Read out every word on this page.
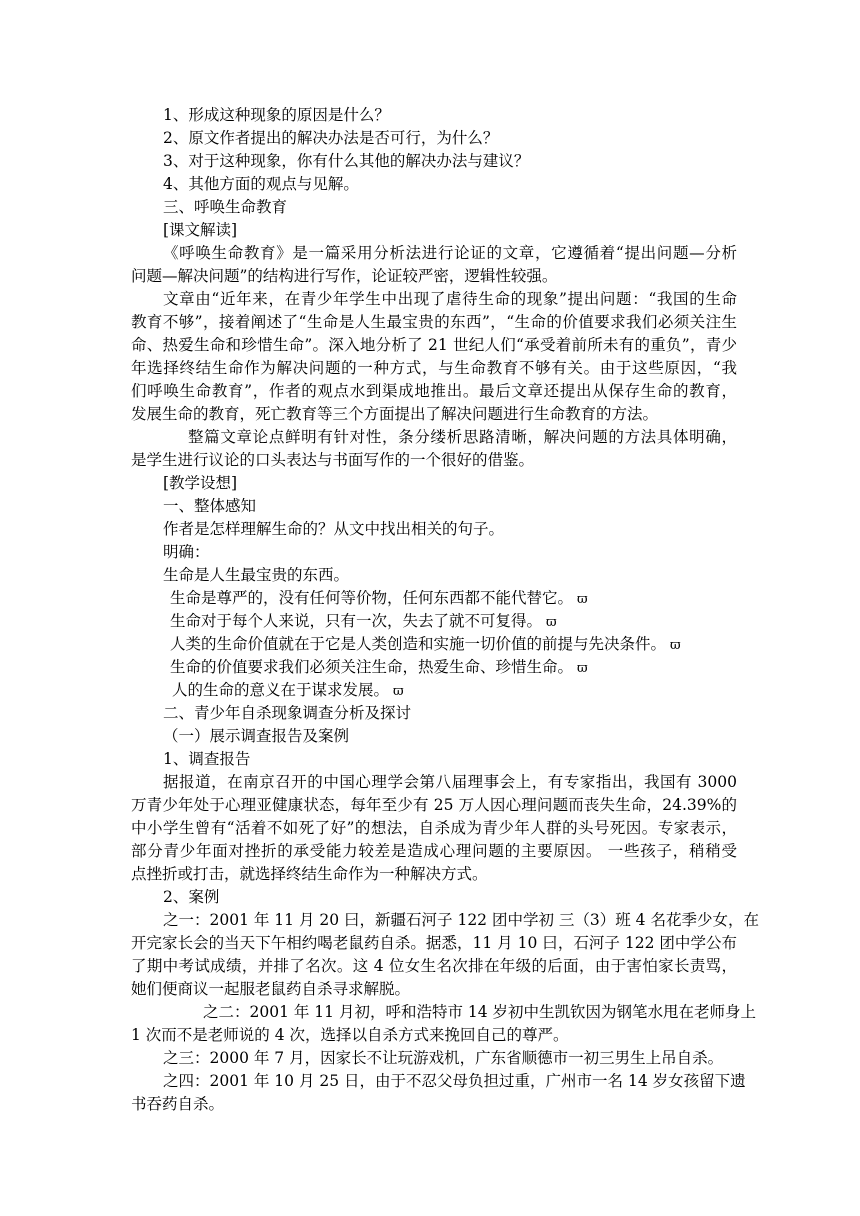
1、形成这种现象的原因是什么？
2、原文作者提出的解决办法是否可行，为什么？
3、对于这种现象，你有什么其他的解决办法与建议？
4、其他方面的观点与见解。
三、呼唤生命教育
[课文解读]
《呼唤生命教育》是一篇采用分析法进行论证的文章，它遵循着“提出问题—分析
问题—解决问题”的结构进行写作，论证较严密，逻辑性较强。
文章由“近年来，在青少年学生中出现了虐待生命的现象”提出问题：“我国的生命
教育不够”，接着阐述了“生命是人生最宝贵的东西”，“生命的价值要求我们必须关注生
命、热爱生命和珍惜生命”。深入地分析了 21 世纪人们“承受着前所未有的重负”，青少
年选择终结生命作为解决问题的一种方式，与生命教育不够有关。由于这些原因，“我
们呼唤生命教育”，作者的观点水到渠成地推出。最后文章还提出从保存生命的教育，
发展生命的教育，死亡教育等三个方面提出了解决问题进行生命教育的方法。
整篇文章论点鲜明有针对性，条分缕析思路清晰，解决问题的方法具体明确，
是学生进行议论的口头表达与书面写作的一个很好的借鉴。
[教学设想]
一、整体感知
作者是怎样理解生命的？从文中找出相关的句子。
明确：
生命是人生最宝贵的东西。
生命是尊严的，没有任何等价物，任何东西都不能代替它。 ϖ
生命对于每个人来说，只有一次，失去了就不可复得。 ϖ
人类的生命价值就在于它是人类创造和实施一切价值的前提与先决条件。 ϖ
生命的价值要求我们必须关注生命，热爱生命、珍惜生命。 ϖ
人的生命的意义在于谋求发展。 ϖ
二、青少年自杀现象调查分析及探讨
（一）展示调查报告及案例
1、调查报告
据报道，在南京召开的中国心理学会第八届理事会上，有专家指出，我国有 3000
万青少年处于心理亚健康状态，每年至少有 25 万人因心理问题而丧失生命，24.39%的
中小学生曾有“活着不如死了好”的想法，自杀成为青少年人群的头号死因。专家表示，
部分青少年面对挫折的承受能力较差是造成心理问题的主要原因。 一些孩子，稍稍受
点挫折或打击，就选择终结生命作为一种解决方式。
2、案例
之一：2001 年 11 月 20 曰，新疆石河子 122 团中学初 三（3）班 4 名花季少女，在
开完家长会的当天下午相约喝老鼠药自杀。据悉，11 月 10 曰，石河子 122 团中学公布
了期中考试成绩，并排了名次。这 4 位女生名次排在年级的后面，由于害怕家长责骂，
她们便商议一起服老鼠药自杀寻求解脱。
之二：2001 年 11 月初，呼和浩特市 14 岁初中生凯钦因为钢笔水甩在老师身上
1 次而不是老师说的 4 次，选择以自杀方式来挽回自己的尊严。
之三：2000 年 7 月，因家长不让玩游戏机，广东省顺德市一初三男生上吊自杀。
之四：2001 年 10 月 25 日，由于不忍父母负担过重，广州市一名 14 岁女孩留下遗
书吞药自杀。
